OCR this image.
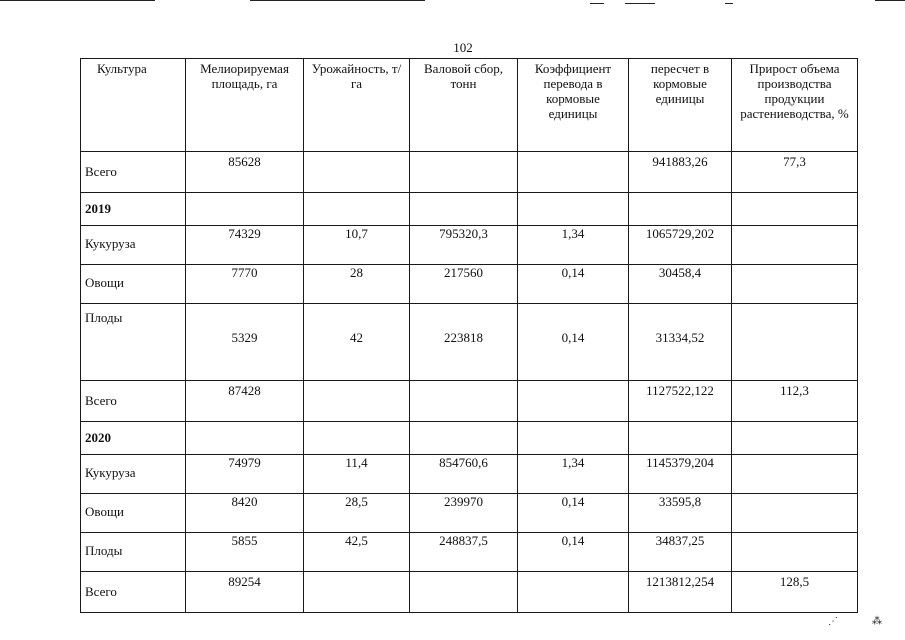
102
Культура	Мелиорируемая площадь, га	Урожайность, т/га	Валовой сбор, тонн	Коэффициент перевода в кормовые единицы	пересчет в кормовые единицы	Прирост объема производства продукции растениеводства, %
Всего	85628				941883,26	77,3
2019						
Кукуруза	74329	10,7	795320,3	1,34	1065729,202	
Овощи	7770	28	217560	0,14	30458,4	
Плоды	5329	42	223818	0,14	31334,52	
Всего	87428				1127522,122	112,3
2020						
Кукуруза	74979	11,4	854760,6	1,34	1145379,204	
Овощи	8420	28,5	239970	0,14	33595,8	
Плоды	5855	42,5	248837,5	0,14	34837,25	
Всего	89254				1213812,254	128,5
⋰	⁂
